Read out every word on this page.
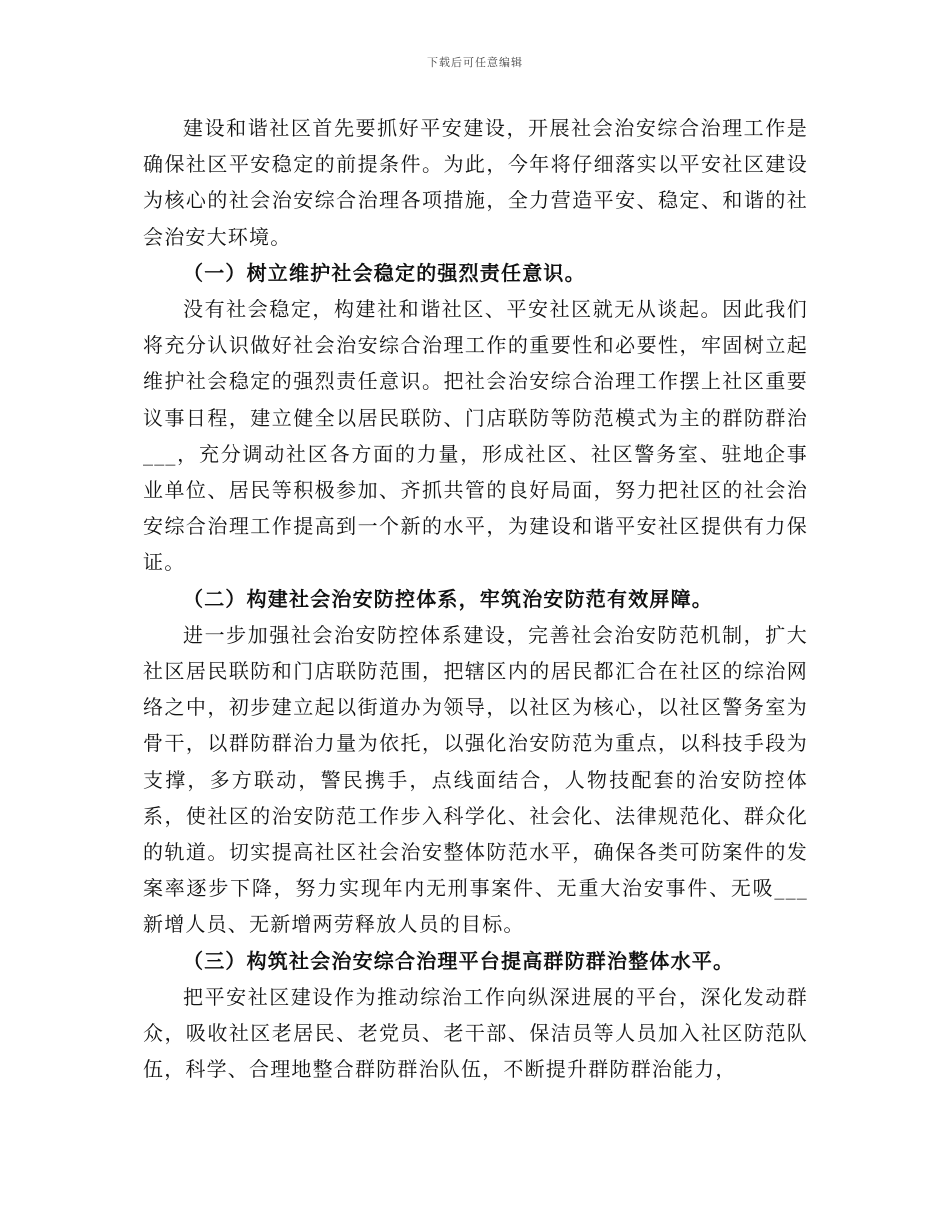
下载后可任意编辑

建设和谐社区首先要抓好平安建设，开展社会治安综合治理工作是确保社区平安稳定的前提条件。为此，今年将仔细落实以平安社区建设为核心的社会治安综合治理各项措施，全力营造平安、稳定、和谐的社会治安大环境。

（一）树立维护社会稳定的强烈责任意识。

没有社会稳定，构建社和谐社区、平安社区就无从谈起。因此我们将充分认识做好社会治安综合治理工作的重要性和必要性，牢固树立起维护社会稳定的强烈责任意识。把社会治安综合治理工作摆上社区重要议事日程，建立健全以居民联防、门店联防等防范模式为主的群防群治___，充分调动社区各方面的力量，形成社区、社区警务室、驻地企事业单位、居民等积极参加、齐抓共管的良好局面，努力把社区的社会治安综合治理工作提高到一个新的水平，为建设和谐平安社区提供有力保证。

（二）构建社会治安防控体系，牢筑治安防范有效屏障。

进一步加强社会治安防控体系建设，完善社会治安防范机制，扩大社区居民联防和门店联防范围，把辖区内的居民都汇合在社区的综治网络之中，初步建立起以街道办为领导，以社区为核心，以社区警务室为骨干，以群防群治力量为依托，以强化治安防范为重点，以科技手段为支撑，多方联动，警民携手，点线面结合，人物技配套的治安防控体系，使社区的治安防范工作步入科学化、社会化、法律规范化、群众化的轨道。切实提高社区社会治安整体防范水平，确保各类可防案件的发案率逐步下降，努力实现年内无刑事案件、无重大治安事件、无吸___新增人员、无新增两劳释放人员的目标。

（三）构筑社会治安综合治理平台提高群防群治整体水平。

把平安社区建设作为推动综治工作向纵深进展的平台，深化发动群众，吸收社区老居民、老党员、老干部、保洁员等人员加入社区防范队伍，科学、合理地整合群防群治队伍，不断提升群防群治能力，
